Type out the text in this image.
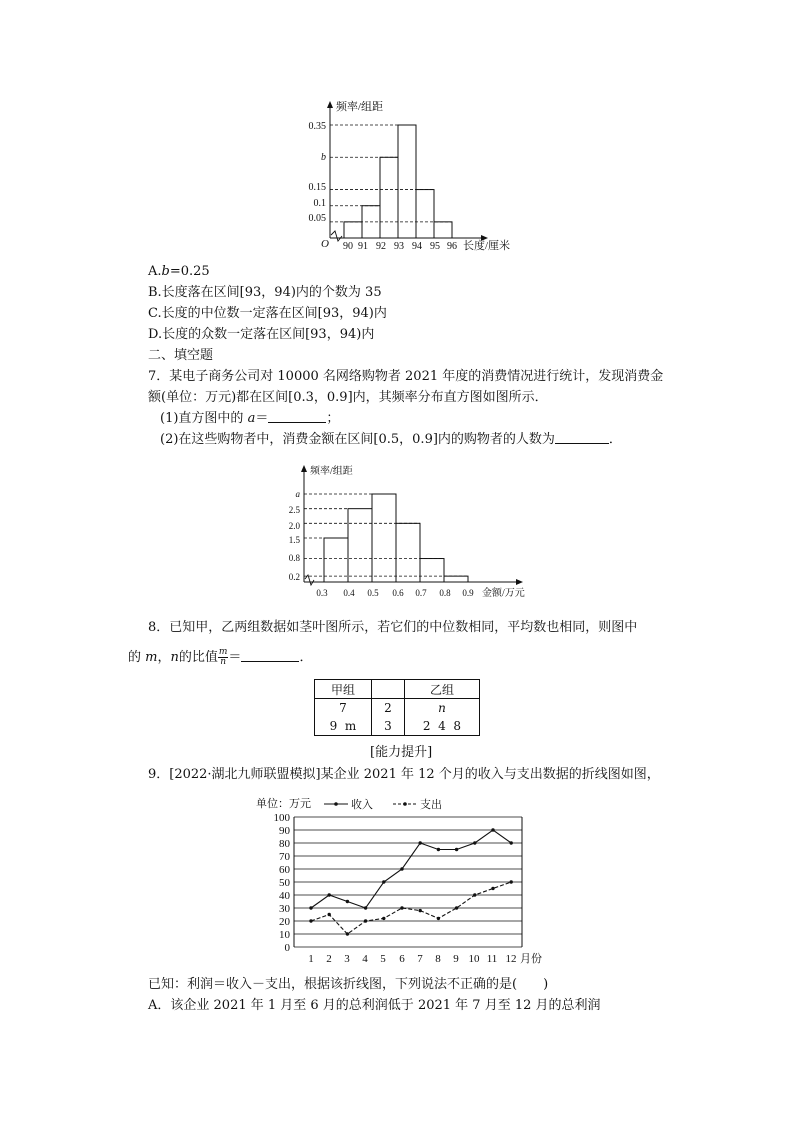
频率/组距
长度/厘米
O
0.35
b
0.15
0.1
0.05
90 91 92 93 94 95 96
A.b=0.25
B.长度落在区间[93，94)内的个数为 35
C.长度的中位数一定落在区间[93，94)内
D.长度的众数一定落在区间[93，94)内
二、填空题
7．某电子商务公司对 10000 名网络购物者 2021 年度的消费情况进行统计，发现消费金
额(单位：万元)都在区间[0.3，0.9]内，其频率分布直方图如图所示．
(1)直方图中的 a＝	；
(2)在这些购物者中，消费金额在区间[0.5，0.9]内的购物者的人数为	．
频率/组距
金额/万元
a
2.5
2.0
1.5
0.8
0.2
0.3 0.4 0.5 0.6 0.7 0.8 0.9
8．已知甲，乙两组数据如茎叶图所示，若它们的中位数相同，平均数也相同，则图中
的 m，n的比值 $\frac{m}{n}$ ＝	．
甲组		乙组
7	2	n
9  m	3	2  4  8
[能力提升]
9．[2022·湖北九师联盟模拟]某企业 2021 年 12 个月的收入与支出数据的折线图如图，
单位：万元	收入	支出
100
90
80
70
60
50
40
30
20
10
0
1 2 3 4 5 6 7 8 9 10 11 12 月份
已知：利润＝收入－支出，根据该折线图，下列说法不正确的是(　　)
A．该企业 2021 年 1 月至 6 月的总利润低于 2021 年 7 月至 12 月的总利润
